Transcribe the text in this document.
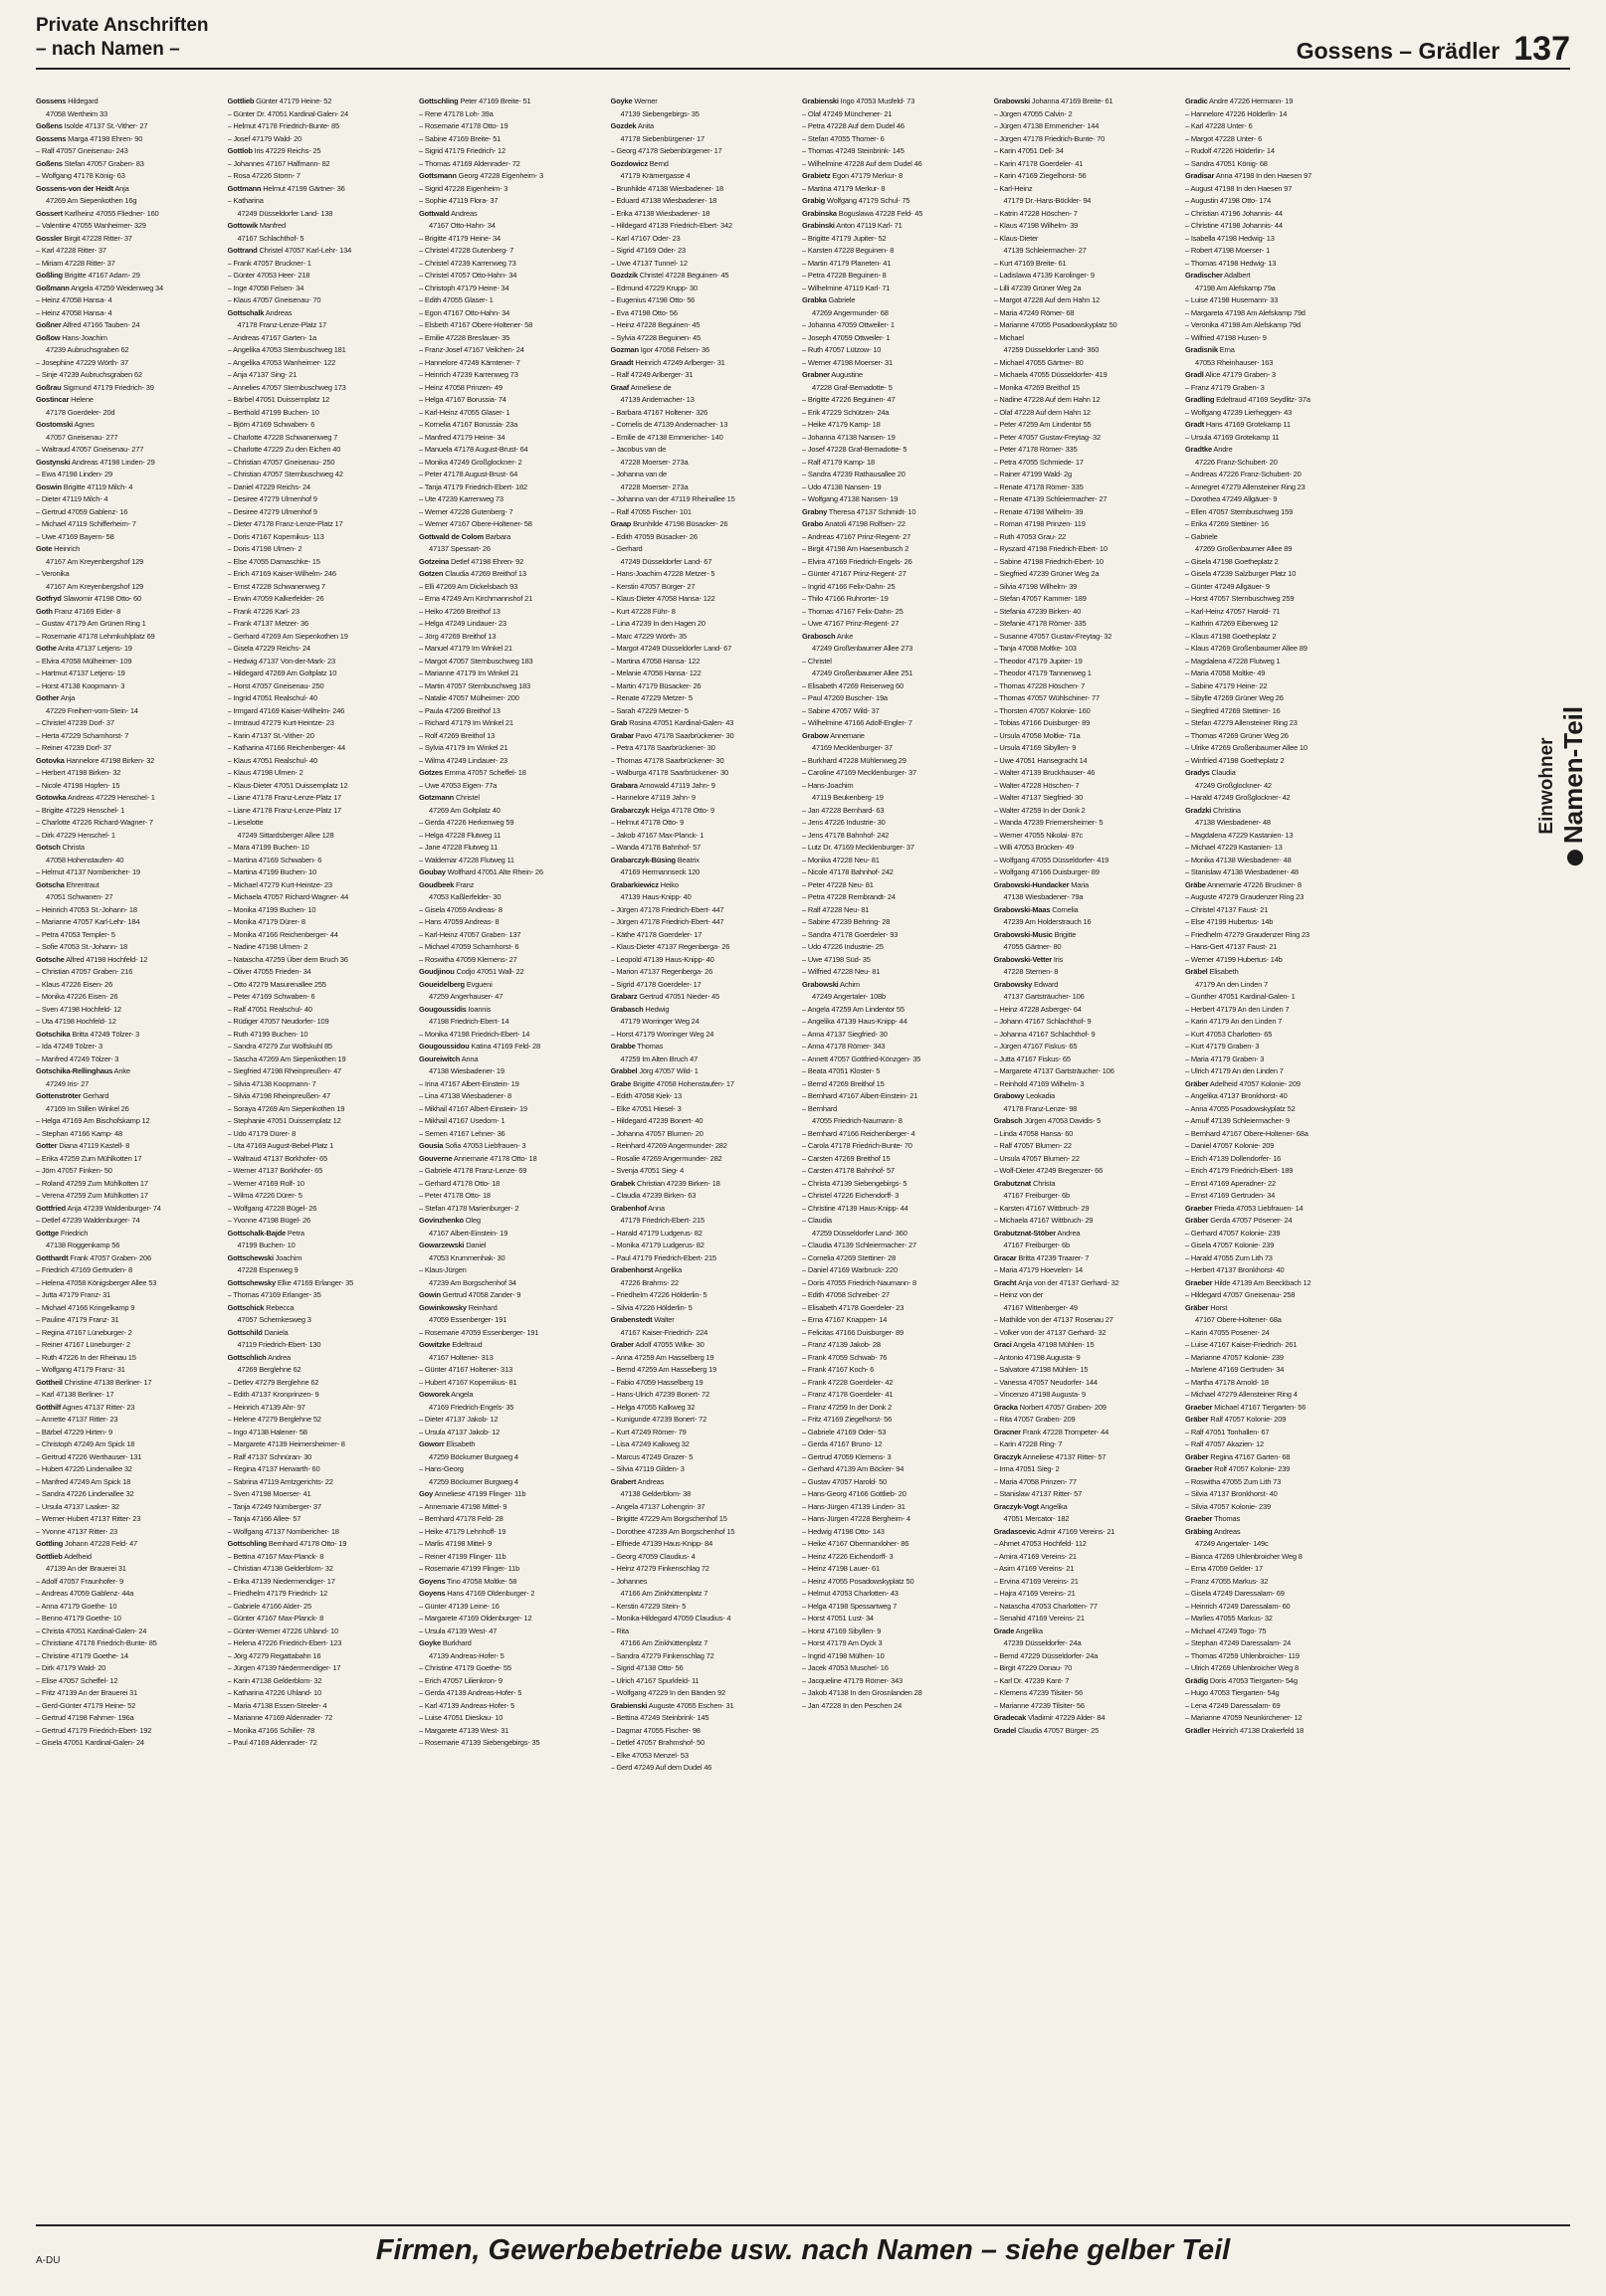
Private Anschriften
– nach Namen –	Gossens – Grädler 137
Gossens Hildegard
47058 Wertheim 33
Goßens Isolde 47137 St.-Vither- 27
Gossens Marga 47198 Ehren- 90
– Ralf 47057 Gneisenau- 243
Goßens Stefan 47057 Graben- 83
– Wolfgang 47178 König- 63
Gossens-von der Heidt Anja
47269 Am Siepenkothen 16g
Gossert Karlheinz 47055 Fliedner- 160
– Valentine 47055 Wanheimer- 329
Gossler Birgit 47228 Ritter- 37
– Karl 47228 Ritter- 37
– Miriam 47228 Ritter- 37
Goßling Brigitte 47167 Adam- 29
Goßmann Angela 47259 Weidenweg 34
– Heinz 47058 Hansa- 4
– Heinz 47058 Hansa- 4
Goßner Alfred 47166 Tauben- 24
Goßow Hans-Joachim
47239 Aubruchsgraben 62
– Josephine 47229 Wörth- 37
– Sinje 47239 Aubruchsgraben 62
Goßrau Sigmund 47179 Friedrich- 39
Gostincar Helene
47178 Goerdeler- 20d
Gostomski Agnes
47057 Gneisenau- 277
– Waltraud 47057 Gneisenau- 277
Gostynski Andreas 47198 Linden- 29
– Ewa 47198 Linden- 29
Goswin Brigitte 47119 Milch- 4
– Dieter 47119 Milch- 4
– Gertrud 47059 Gablenz- 16
– Michael 47119 Schifferheim- 7
– Uwe 47169 Bayern- 58
Gote Heinrich
47167 Am Kreyenbergshof 129
– Veronika
47167 Am Kreyenbergshof 129
Gotfryd Slawomir 47198 Otto- 60
Goth Franz 47169 Eider- 8
– Gustav 47179 Am Grünen Ring 1
– Rosemarie 47178 Lehmkuhlplatz 69
Gothe Anita 47137 Letjens- 19
– Elvira 47058 Mülheimer- 109
– Hartmut 47137 Letjens- 19
– Horst 47138 Koopmann- 3
Gother Anja
47229 Freiherr-vom-Stein- 14
– Christel 47239 Dorf- 37
– Herta 47229 Scharnhorst- 7
– Reiner 47239 Dorf- 37
Gotovka Hannelore 47198 Birken- 32
– Herbert 47198 Birken- 32
– Nicole 47198 Hopfen- 15
Gotowka Andreas 47229 Henschel- 1
– Brigitte 47229 Henschel- 1
– Charlotte 47226 Richard-Wagner- 7
– Dirk 47229 Henschel- 1
Gotsch Christa
47058 Hohenstaufen- 40
– Helmut 47137 Nombericher- 19
Gotscha Ehrentraut
47051 Schwanen- 27
– Heinrich 47053 St.-Johann- 18
– Marianne 47057 Karl-Lehr- 184
– Petra 47053 Templer- 5
– Sofie 47053 St.-Johann- 18
Gotsche Alfred 47198 Hochfeld- 12
– Christian 47057 Graben- 216
– Klaus 47226 Eisen- 26
– Monika 47226 Eisen- 26
– Sven 47198 Hochfeld- 12
– Uta 47198 Hochfeld- 12
Gotschika Britta 47249 Tölzer- 3
– Ida 47249 Tölzer- 3
– Manfred 47249 Tölzer- 3
Gotschika-Rellinghaus Anke
47249 Iris- 27
Gottenströter Gerhard
47169 Im Stillen Winkel 26
– Helga 47169 Am Bischofskamp 12
– Stephan 47166 Kamp- 48
Gotter Diana 47119 Kastell- 8
– Erika 47259 Zum Mühlkotten 17
– Jörn 47057 Finken- 50
– Roland 47259 Zum Mühlkotten 17
– Verena 47259 Zum Mühlkotten 17
Gottfried Anja 47239 Waldenburger- 74
– Detlef 47239 Waldenburger- 74
Gottge Friedrich
47138 Roggenkamp 56
Gotthardt Frank 47057 Graben- 206
– Friedrich 47169 Gertruden- 8
– Helena 47058 Königsberger Allee 53
– Jutta 47179 Franz- 31
– Michael 47166 Kringelkamp 9
– Pauline 47179 Franz- 31
– Regina 47167 Lüneburger- 2
– Reiner 47167 Lüneburger- 2
– Ruth 47226 In der Rheinau 15
– Wolfgang 47179 Franz- 31
Gottheil Christine 47138 Berliner- 17
– Karl 47138 Berliner- 17
Gotthilf Agnes 47137 Ritter- 23
– Annette 47137 Ritter- 23
– Bärbel 47229 Hirten- 9
– Christoph 47249 Am Spick 18
– Gertrud 47226 Werthauser- 131
– Hubert 47226 Lindenallee 32
– Manfred 47249 Am Spick 18
– Sandra 47226 Lindenallee 32
– Ursula 47137 Laaker- 32
– Werner-Hubert 47137 Ritter- 23
– Yvonne 47137 Ritter- 23
Gottling Johann 47228 Feld- 47
Gottlieb Adelheid
47139 An der Brauerei 31
– Adolf 47057 Fraunhofer- 9
– Andreas 47059 Gablenz- 44a
– Anna 47179 Goethe- 10
– Benno 47179 Goethe- 10
– Christa 47051 Kardinal-Galen- 24
– Christiane 47178 Friedrich-Bunte- 85
– Christine 47179 Goethe- 14
– Dirk 47179 Wald- 20
– Elise 47057 Scheffel- 12
– Fritz 47139 An der Brauerei 31
– Gerd-Günter 47179 Heine- 52
– Gertrud 47198 Fahrner- 196a
– Gertrud 47179 Friedrich-Ebert- 192
– Gisela 47051 Kardinal-Galen- 24
Gottlieb Günter 47179 Heine- 52
– Günter Dr. 47051 Kardinal-Galen- 24
– Helmut 47178 Friedrich-Bunte- 85
– Josef 47179 Wald- 20
Gottlob Iris 47229 Reichs- 25
– Johannes 47167 Halfmann- 82
– Rosa 47226 Storm- 7
Gottmann Helmut 47199 Gärtner- 36
– Katharina
47249 Düsseldorfer Land- 138
Gottowik Manfred
47167 Schlachthof- 5
Gottrand Christel 47057 Karl-Lehr- 134
– Frank 47057 Bruckner- 1
– Günter 47053 Heer- 218
– Inge 47058 Felsen- 34
– Klaus 47057 Gneisenau- 70
Gottschalk Andreas
47178 Franz-Lenze-Platz 17
– Andreas 47167 Garten- 1a
– Angelika 47053 Sternbuschweg 181
– Angelika 47053 Wanheimer- 122
– Anja 47137 Sing- 21
– Annelies 47057 Sternbuschweg 173
– Bärbel 47051 Duissernplatz 12
– Berthold 47199 Buchen- 10
– Björn 47169 Schwaben- 6
– Charlotte 47228 Schwanenweg 7
– Charlotte 47229 Zu den Eichen 40
– Christian 47057 Gneisenau- 250
– Christian 47057 Sternbuschweg 42
– Daniel 47229 Reichs- 24
– Desiree 47279 Ulmenhof 9
– Desiree 47279 Ulmenhof 9
– Dieter 47178 Franz-Lenze-Platz 17
– Doris 47167 Kopernikus- 113
– Doris 47198 Ulmen- 2
– Else 47055 Damaschke- 15
– Erich 47169 Kaiser-Wilhelm- 246
– Ernst 47228 Schwanenweg 7
– Erwin 47059 Kalkerfelder- 26
– Frank 47226 Karl- 23
– Frank 47137 Metzer- 36
– Gerhard 47269 Am Siepenkothen 19
– Gisela 47229 Reichs- 24
– Hedwig 47137 Von-der-Mark- 23
– Hildegard 47269 Am Goltplatz 10
– Horst 47057 Gneisenau- 250
– Ingrid 47051 Realschul- 40
– Irmgard 47169 Kaiser-Wilhelm- 246
– Irmtraud 47279 Kurt-Heintze- 23
– Karin 47137 St.-Vither- 20
– Katharina 47166 Reichenberger- 44
– Klaus 47051 Realschul- 40
– Klaus 47198 Ulmen- 2
– Klaus-Dieter 47051 Duissernplatz 12
– Liane 47178 Franz-Lenze-Platz 17
– Liane 47178 Franz-Lenze-Platz 17
– Lieselotte
47249 Sittardsberger Allee 128
– Mara 47199 Buchen- 10
– Martina 47169 Schwaben- 6
– Martina 47199 Buchen- 10
– Michael 47279 Kurt-Heintze- 23
– Michaela 47057 Richard-Wagner- 44
– Monika 47199 Buchen- 10
– Monika 47179 Dürer- 8
– Monika 47166 Reichenberger- 44
– Nadine 47198 Ulmen- 2
– Natascha 47259 Über dem Bruch 36
– Oliver 47055 Frieden- 34
– Otto 47279 Masurenallee 255
– Peter 47169 Schwaben- 6
– Ralf 47051 Realschul- 40
– Rüdiger 47057 Neudorfer- 109
– Ruth 47199 Buchen- 10
– Sandra 47279 Zur Wolfskuhl 85
– Sascha 47269 Am Siepenkothen 19
– Siegfried 47198 Rheinpreußen- 47
– Silvia 47138 Koopmann- 7
– Silvia 47198 Rheinpreußen- 47
– Soraya 47269 Am Siepenkothen 19
– Stephanie 47051 Duissernplatz 12
– Udo 47179 Dürer- 8
– Uta 47169 August-Bebel-Platz 1
– Waltraud 47137 Borkhofer- 65
– Werner 47137 Borkhofer- 65
– Werner 47169 Rolf- 10
– Wilma 47226 Dürer- 5
– Wolfgang 47228 Bügel- 26
– Yvonne 47198 Bügel- 26
Gottschalk-Bajde Petra
47199 Buchen- 10
Gottschewski Joachim
47228 Espenweg 9
Gottschewsky Elke 47169 Erlanger- 35
– Thomas 47169 Erlanger- 35
Gottschick Rebecca
47057 Schemkesweg 3
Gottschild Daniela
47119 Friedrich-Ebert- 130
Gottschlich Andrea
47269 Berglehne 62
– Detlev 47279 Berglehne 62
– Edith 47137 Kronprinzen- 9
– Heinrich 47139 Ahr- 97
– Helene 47279 Berglehne 52
– Ingo 47138 Halener- 58
– Margarete 47139 Heimersheimer- 8
– Ralf 47137 Schnüran- 30
– Regina 47137 Herwarth- 60
– Sabrina 47119 Arntzgerichts- 22
– Sven 47198 Moerser- 41
– Tanja 47249 Nürnberger- 37
– Tanja 47166 Allee- 57
– Wolfgang 47137 Nombericher- 18
Gottschling Bernhard 47178 Otto- 19
– Bettina 47167 Max-Planck- 8
– Christian 47138 Gelderblom- 32
– Erika 47139 Niedermendiger- 17
– Friedhelm 47179 Friedrich- 12
– Gabriele 47166 Alder- 25
– Günter 47167 Max-Planck- 8
– Günter-Werner 47226 Uhland- 10
– Helena 47226 Friedrich-Ebert- 123
– Jörg 47279 Regattabahn 16
– Jürgen 47139 Niedermendiger- 17
– Karin 47138 Gelderblom- 32
– Katharina 47226 Uhland- 10
– Maria 47138 Essen-Steeler- 4
– Marianne 47169 Aldenrader- 72
– Monika 47166 Schiller- 78
– Paul 47169 Aldenrader- 72
Gottschling Peter 47169 Breite- 51
– Rene 47178 Loh- 39a
– Rosemarie 47178 Otto- 19
– Sabine 47169 Breite- 51
– Sigrid 47179 Friedrich- 12
– Thomas 47169 Aldenrader- 72
Gottsmann Georg 47228 Eigenheim- 3
– Sigrid 47228 Eigenheim- 3
– Sophie 47119 Flora- 37
Gottwald Andreas
47167 Otto-Hahn- 34
– Brigitte 47179 Heine- 34
– Christel 47228 Gutenberg- 7
– Christel 47239 Karrenweg 73
– Christel 47057 Otto-Hahn- 34
– Christoph 47179 Heine- 34
– Edith 47055 Glaser- 1
– Egon 47167 Otto-Hahn- 34
– Elsbeth 47167 Obere-Holtener- 58
– Emilie 47228 Breslauer- 35
– Franz-Josef 47167 Veilchen- 24
– Hannelore 47249 Kärntener- 7
– Heinrich 47239 Karrenweg 73
– Heinz 47058 Prinzen- 49
– Helga 47167 Borussia- 74
– Karl-Heinz 47055 Glaser- 1
– Kornelia 47167 Borussia- 23a
– Manfred 47179 Heine- 34
– Manuela 47178 August-Brust- 64
– Monika 47249 Großglockner- 2
– Peter 47178 August-Brust- 64
– Tanja 47179 Friedrich-Ebert- 182
– Ute 47239 Karrenweg 73
– Werner 47228 Gutenberg- 7
– Werner 47167 Obere-Holtener- 58
Gottwald de Colom Barbara
47137 Spessart- 26
Gotzeina Detlef 47198 Ehren- 92
Gotzen Claudia 47269 Breithof 13
– Elli 47269 Am Dickelsbach 93
– Erna 47249 Am Kirchmannshof 21
– Heiko 47269 Breithof 13
– Helga 47249 Lindauer- 23
– Jörg 47269 Breithof 13
– Manuel 47179 Im Winkel 21
– Margot 47057 Sternbuschweg 183
– Marianne 47179 Im Winkel 21
– Martin 47057 Sternbuschweg 183
– Natalie 47057 Mülheimer- 200
– Paula 47269 Breithof 13
– Richard 47179 Im Winkel 21
– Rolf 47269 Breithof 13
– Sylvia 47179 Im Winkel 21
– Wilma 47249 Lindauer- 23
Gotzes Emma 47057 Scheffel- 18
– Uwe 47053 Eigen- 77a
Gotzmann Christel
47269 Am Goltplatz 40
– Gerda 47226 Herkenweg 59
– Helga 47228 Flutweg 11
– Jane 47228 Flutweg 11
– Waldemar 47228 Flutweg 11
Goubay Wolfhard 47051 Alte Rhein- 26
Goudbeek Franz
47053 Kaßlerfelder- 30
– Gisela 47059 Andreas- 8
– Hans 47059 Andreas- 8
– Karl-Heinz 47057 Graben- 137
– Michael 47059 Scharnhorst- 6
– Roswitha 47059 Klemens- 27
Goudjinou Codjo 47051 Wall- 22
Goueidelberg Evgueni
47259 Angerhauser- 47
Gougoussidis Ioannis
47198 Friedrich-Ebert- 14
– Monika 47198 Friedrich-Ebert- 14
Gougoussidou Katina 47169 Feld- 28
Goureiwitch Anna
47138 Wiesbadener- 19
– Irina 47167 Albert-Einstein- 19
– Lina 47138 Wiesbadener- 8
– Mikhail 47167 Albert-Einstein- 19
– Mikhail 47167 Usedom- 1
– Semen 47167 Lehner- 36
Gousia Sofia 47053 Liebfrauen- 3
Gouverne Annemarie 47178 Otto- 18
– Gabriele 47178 Franz-Lenze- 69
– Gerhard 47178 Otto- 18
– Peter 47178 Otto- 18
– Stefan 47178 Marienburger- 2
Govinzhenko Oleg
47167 Albert-Einstein- 19
Gowarzewski Daniel
47053 Krummenhak- 30
– Klaus-Jürgen
47239 Am Borgschenhof 34
Gowin Gertrud 47058 Zander- 9
Gowinkowsky Reinhard
47059 Essenberger- 191
– Rosemarie 47059 Essenberger- 191
Gowitzke Edeltraud
47167 Holtener- 313
– Günter 47167 Holtener- 313
– Hubert 47167 Kopernikus- 81
Goworek Angela
47169 Friedrich-Engels- 35
– Dieter 47137 Jakob- 12
– Ursula 47137 Jakob- 12
Goworr Elisabeth
47259 Böckumer Burgweg 4
– Hans-Georg
47259 Böckumer Burgweg 4
Goy Anneliese 47199 Flinger- 11b
– Annemarie 47198 Mittel- 9
– Bernhard 47178 Feld- 28
– Heike 47179 Lehnhoff- 19
– Marlis 47198 Mittel- 9
– Reiner 47199 Flinger- 11b
– Rosemarie 47199 Flinger- 11b
Goyens Tino 47058 Moltke- 58
Goyens Hans 47169 Oldenburger- 2
– Günter 47139 Leine- 16
– Margarete 47169 Oldenburger- 12
– Ursula 47139 West- 47
Goyke Burkhard
47139 Andreas-Hofer- 5
– Christine 47179 Goethe- 55
– Erich 47057 Lilienkron- 9
– Gerda 47139 Andreas-Hofer- 5
– Karl 47139 Andreas-Hofer- 5
– Luise 47051 Dieskau- 10
– Margarete 47139 West- 31
– Rosemarie 47139 Siebengebirgs- 35
Goyke Werner
47139 Siebengebirgs- 35
Gozdek Anita
47178 Siebenbürgener- 17
– Georg 47178 Siebenbürgener- 17
Gozdowicz Bernd
47179 Krämergasse 4
– Brunhilde 47138 Wiesbadener- 18
– Eduard 47138 Wiesbadener- 18
– Erika 47138 Wiesbadener- 18
– Hildegard 47139 Friedrich-Ebert- 342
– Karl 47167 Oder- 23
– Sigrid 47169 Oder- 23
– Uwe 47137 Tunnel- 12
Gozdzik Christel 47228 Beguinen- 45
– Edmund 47229 Krupp- 30
– Eugenius 47198 Otto- 56
– Eva 47198 Otto- 56
– Heinz 47228 Beguinen- 45
– Sylvia 47228 Beguinen- 45
Gozman Igor 47058 Felsen- 36
Graadt Heinrich 47249 Arlberger- 31
– Ralf 47249 Arlberger- 31
Graaf Anneliese de
47139 Andernacher- 13
– Barbara 47167 Holtener- 326
– Cornelis de 47139 Andernacher- 13
– Emilie de 47138 Emmericher- 140
– Jacobus van de
47228 Moerser- 273a
– Johanna van de
47228 Moerser- 273a
– Johanna van der 47119 Rheinallee 15
– Ralf 47055 Fischer- 101
Graap Brunhilde 47198 Büsacker- 26
– Edith 47059 Büsacker- 26
– Gerhard
47249 Düsseldorfer Land- 67
– Hans-Joachim 47228 Metzer- 5
– Kerstin 47057 Bürger- 27
– Klaus-Dieter 47058 Hansa- 122
– Kurt 47228 Führ- 8
– Lina 47239 In den Hagen 20
– Marc 47229 Wörth- 35
– Margot 47249 Düsseldorfer Land- 67
– Martina 47058 Hansa- 122
– Melanie 47058 Hansa- 122
– Martin 47179 Büsacker- 26
– Renate 47229 Metzer- 5
– Sarah 47229 Metzer- 5
Grab Rosina 47051 Kardinal-Galen- 43
Grabar Pavo 47178 Saarbrückener- 30
– Petra 47178 Saarbrückener- 30
– Thomas 47178 Saarbrückener- 30
– Walburga 47178 Saarbrückener- 30
Grabara Arnowald 47119 Jahn- 9
– Hannelore 47119 Jahn- 9
Grabarczyk Helga 47178 Otto- 9
– Helmut 47178 Otto- 9
– Jakob 47167 Max-Planck- 1
– Wanda 47178 Bahnhof- 57
Grabarczyk-Büsing Beatrix
47169 Hermannseck 120
Grabarkiewicz Heiko
47139 Haus-Knipp- 40
– Jürgen 47178 Friedrich-Ebert- 447
– Jürgen 47178 Friedrich-Ebert- 447
– Käthe 47178 Goerdeler- 17
– Klaus-Dieter 47137 Regenberga- 26
– Leopold 47139 Haus-Knipp- 40
– Marion 47137 Regenberga- 26
– Sigrid 47178 Goerdeler- 17
Grabarz Gertrud 47051 Nieder- 45
Grabasch Hedwig
47179 Worringer Weg 24
– Horst 47179 Worringer Weg 24
Grabbe Thomas
47259 Im Alten Bruch 47
Grabbel Jörg 47057 Wild- 1
Grabe Brigitte 47058 Hohenstaufen- 17
– Edith 47058 Kiek- 13
– Elke 47051 Hiesel- 3
– Hildegard 47239 Bonert- 40
– Johanna 47057 Blumen- 20
– Reinhard 47269 Angermunder- 282
– Rosalie 47269 Angermunder- 282
– Svenja 47051 Sieg- 4
Grabek Christian 47239 Birken- 18
– Claudia 47239 Birken- 63
Grabenhof Anna
47179 Friedrich-Ebert- 215
– Harald 47179 Ludgerus- 82
– Monika 47179 Ludgerus- 82
– Paul 47179 Friedrich-Ebert- 215
Grabenhorst Angelika
47226 Brahms- 22
– Friedhelm 47226 Hölderlin- 5
– Silvia 47226 Hölderlin- 5
Grabenstedt Walter
47167 Kaiser-Friedrich- 224
Graber Adolf 47055 Wilke- 30
– Anna 47259 Am Hasselberg 19
– Bernd 47259 Am Hasselberg 19
– Fabio 47059 Hasselberg 19
– Hans-Ulrich 47239 Bonert- 72
– Helga 47055 Kalkweg 32
– Kunigunde 47239 Bonert- 72
– Kurt 47249 Römer- 79
– Lisa 47249 Kalkweg 32
– Marcus 47249 Grazer- 5
– Silvia 47119 Gilden- 3
Grabert Andreas
47138 Gelderblom- 38
– Angela 47137 Lohengrin- 37
– Brigitte 47229 Am Borgschenhof 15
– Dorothee 47239 Am Borgschenhof 15
– Elfriede 47139 Haus-Knipp- 84
– Georg 47059 Claudius- 4
– Heinz 47279 Finkenschlag 72
– Johannes
47166 Am Zinkhüttenplatz 7
– Kerstin 47229 Stein- 5
– Monika-Hildegard 47059 Claudius- 4
– Rita
47166 Am Zinkhüttenplatz 7
– Sandra 47279 Finkenschlag 72
– Sigrid 47138 Otto- 56
– Ulrich 47167 Spurkfeld- 11
– Wolfgang 47229 In den Bänden 92
Grabienski Auguste 47055 Eschen- 31
– Bettina 47249 Steinbrink- 145
– Dagmar 47055 Fischer- 98
– Detlef 47057 Brahmshof- 50
– Elke 47053 Menzel- 53
– Gerd 47249 Auf dem Dudel 46
Grabienski Ingo 47053 Musfeld- 73
– Olaf 47249 Münchener- 21
– Petra 47228 Auf dem Dudel 46
– Stefan 47055 Thomer- 6
– Thomas 47249 Steinbrink- 145
– Wilhelmine 47228 Auf dem Dudel 46
Grabietz Egon 47179 Merkur- 8
– Martina 47179 Merkur- 8
Grabig Wolfgang 47179 Schul- 75
Grabinska Boguslawa 47228 Feld- 45
Grabinski Anton 47119 Karl- 71
– Brigitte 47179 Jupiter- 52
– Karsten 47228 Beguinen- 8
– Martin 47179 Planeten- 41
– Petra 47228 Beguinen- 8
– Wilhelmine 47119 Karl- 71
Grabka Gabriele
47269 Angermunder- 68
– Johanna 47059 Ottweiler- 1
– Joseph 47059 Ottweiler- 1
– Ruth 47057 Lützow- 10
– Werner 47198 Moerser- 31
Grabner Augustine
47228 Graf-Bernadotte- 5
– Brigitte 47226 Beguinen- 47
– Erik 47229 Schützen- 24a
– Heike 47179 Kamp- 18
– Johanna 47138 Nansen- 19
– Josef 47228 Graf-Bernadotte- 5
– Ralf 47179 Kamp- 18
– Sandra 47239 Rathausallee 20
– Udo 47138 Nansen- 19
– Wolfgang 47138 Nansen- 19
Grabny Theresa 47137 Schmidt- 10
Grabo Anatoli 47198 Rolfsen- 22
– Andreas 47167 Prinz-Regent- 27
– Birgit 47198 Am Haesenbusch 2
– Elvira 47169 Friedrich-Engels- 26
– Günter 47167 Prinz-Regent- 27
– Ingrid 47166 Felix-Dahn- 25
– Thilo 47166 Ruhrorter- 19
– Thomas 47167 Felix-Dahn- 25
– Uwe 47167 Prinz-Regent- 27
Grabosch Anke
47249 Großenbaumer Allee 273
– Christel
47249 Großenbaumer Allee 251
– Elisabeth 47269 Reiserweg 60
– Paul 47269 Buscher- 19a
– Sabine 47057 Wild- 37
– Wilhelmine 47166 Adolf-Engler- 7
Grabow Annemarie
47169 Mecklenburger- 37
– Burkhard 47228 Mühlenweg 29
– Caroline 47169 Mecklenburger- 37
– Hans-Joachim
47119 Beukenberg- 19
– Jan 47228 Bernhard- 63
– Jens 47226 Industrie- 30
– Jens 47178 Bahnhof- 242
– Lutz Dr. 47169 Mecklenburger- 37
– Monika 47228 Neu- 81
– Nicole 47178 Bahnhof- 242
– Peter 47228 Neu- 81
– Petra 47228 Rembrandt- 24
– Ralf 47228 Neu- 81
– Sabine 47239 Behring- 28
– Sandra 47178 Goerdeler- 93
– Udo 47226 Industrie- 25
– Uwe 47198 Süd- 35
– Wilfried 47228 Neu- 81
Grabowski Achim
47249 Angertaler- 108b
– Angela 47259 Am Lindentor 55
– Angelika 47139 Haus-Knipp- 44
– Anna 47137 Siegfried- 30
– Anna 47178 Römer- 343
– Annett 47057 Gottfried-Könzgen- 35
– Beata 47051 Kloster- 5
– Bernd 47269 Breithof 15
– Bernhard 47167 Albert-Einstein- 21
– Bernhard
47055 Friedrich-Naumann- 8
– Bernhard 47166 Reichenberger- 4
– Carola 47178 Friedrich-Bunte- 70
– Carsten 47269 Breithof 15
– Carsten 47178 Bahnhof- 57
– Christa 47139 Siebengebirgs- 5
– Christel 47226 Eichendorff- 3
– Christine 47139 Haus-Knipp- 44
– Claudia
47259 Düsseldorfer Land- 360
– Claudia 47139 Schleiermacher- 27
– Cornelia 47269 Stettiner- 28
– Daniel 47169 Warbruck- 220
– Doris 47055 Friedrich-Naumann- 8
– Edith 47058 Schreiber- 27
– Elisabeth 47178 Goerdeler- 23
– Erna 47167 Knappen- 14
– Felicitas 47166 Duisburger- 89
– Franz 47139 Jakob- 28
– Frank 47059 Schwab- 76
– Frank 47167 Koch- 6
– Frank 47228 Goerdeler- 42
– Franz 47178 Goerdeler- 41
– Franz 47259 In der Donk 2
– Fritz 47169 Ziegelhorst- 56
– Gabriele 47169 Oder- 53
– Gerda 47167 Bruno- 12
– Gertrud 47059 Klemens- 3
– Gerhard 47139 Am Böcker- 94
– Gustav 47057 Harold- 50
– Hans-Georg 47166 Gottlieb- 20
– Hans-Jürgen 47139 Linden- 31
– Hans-Jürgen 47228 Bergheim- 4
– Hedwig 47198 Otto- 143
– Heike 47167 Obermarxloher- 86
– Heinz 47226 Eichendorff- 3
– Heinz 47198 Lauer- 61
– Heinz 47055 Posadowskyplatz 50
– Helmut 47053 Charlotten- 43
– Helga 47198 Spessartweg 7
– Horst 47051 Lust- 34
– Horst 47169 Sibyllen- 9
– Horst 47179 Am Dyck 3
– Ingrid 47198 Mülhen- 10
– Jacek 47053 Muschel- 16
– Jacqueline 47179 Römer- 343
– Jakob 47138 In den Grosnlanden 28
– Jan 47228 In den Peschen 24
Grabowski Johanna 47169 Breite- 61
– Jürgen 47055 Calvin- 2
– Jürgen 47138 Emmericher- 144
– Jürgen 47178 Friedrich-Bunte- 70
– Karin 47051 Dell- 34
– Karin 47178 Goerdeler- 41
– Karin 47169 Ziegelhorst- 56
– Karl-Heinz
47179 Dr.-Hans-Böckler- 94
– Katrin 47228 Höschen- 7
– Klaus 47198 Wilhelm- 39
– Klaus-Dieter
47139 Schleiermacher- 27
– Kurt 47169 Breite- 61
– Ladislawa 47139 Karolinger- 9
– Lilli 47239 Grüner Weg 2a
– Margot 47228 Auf dem Hahn 12
– Maria 47249 Römer- 68
– Marianne 47055 Posadowskyplatz 50
– Michael
47259 Düsseldorfer Land- 360
– Michael 47055 Gärtner- 80
– Michaela 47055 Düsseldorfer- 419
– Monika 47269 Breithof 15
– Nadine 47228 Auf dem Hahn 12
– Olaf 47228 Auf dem Hahn 12
– Peter 47259 Am Lindentor 55
– Peter 47057 Gustav-Freytag- 32
– Peter 47178 Römer- 335
– Petra 47055 Schmiede- 17
– Rainer 47199 Wald- 2g
– Renate 47178 Römer- 335
– Renate 47139 Schleiermacher- 27
– Renate 47198 Wilhelm- 39
– Roman 47198 Prinzen- 119
– Ruth 47053 Grau- 22
– Ryszard 47198 Friedrich-Ebert- 10
– Sabine 47198 Friedrich-Ebert- 10
– Siegfried 47239 Grüner Weg 2a
– Silvia 47198 Wilhelm- 39
– Stefan 47057 Kammer- 189
– Stefania 47239 Birken- 40
– Stefanie 47178 Römer- 335
– Susanne 47057 Gustav-Freytag- 32
– Tanja 47058 Moltke- 103
– Theodor 47179 Jupiter- 19
– Theodor 47179 Tannenweg 1
– Thomas 47228 Höschen- 7
– Thomas 47057 Wühlschiner- 77
– Thorsten 47057 Kolonie- 160
– Tobias 47166 Duisburger- 89
– Ursula 47058 Moltke- 71a
– Ursula 47169 Sibyllen- 9
– Uwe 47051 Hansegracht 14
– Walter 47139 Bruckhauser- 46
– Walter 47228 Höschen- 7
– Walter 47137 Siegfried- 30
– Walter 47259 In der Donk 2
– Wanda 47239 Friemersheimer- 5
– Werner 47055 Nikolai- 87c
– Willi 47053 Brücken- 49
– Wolfgang 47055 Düsseldorfer- 419
– Wolfgang 47166 Duisburger- 89
Grabowski-Hundacker Maria
47138 Wiesbadener- 79a
Grabowski-Maas Cornelia
47239 Am Holderstrauch 16
Grabowski-Music Brigitte
47055 Gärtner- 80
Grabowski-Vetter Iris
47228 Sternen- 8
Grabowsky Edward
47137 Gartsträucher- 106
– Heinz 47228 Asberger- 64
– Johann 47167 Schlachthof- 9
– Johanna 47167 Schlachthof- 9
– Jürgen 47167 Fiskus- 65
– Jutta 47167 Fiskus- 65
– Margarete 47137 Gartsträucher- 106
– Reinhold 47169 Wilhelm- 3
Grabowy Leokadia
47178 Franz-Lenze- 98
Grabsch Jürgen 47053 Davidis- 5
– Linda 47058 Hansa- 60
– Ralf 47057 Blumen- 22
– Ursula 47057 Blumen- 22
– Wolf-Dieter 47249 Bregenzer- 66
Grabutznat Christa
47167 Freiburger- 6b
– Karsten 47167 Wittbruch- 29
– Michaela 47167 Wittbruch- 29
Grabutznat-Stöber Andrea
47167 Freiburger- 6b
Gracar Britta 47239 Traarer- 7
– Maria 47179 Hoevelen- 14
Gracht Anja von der 47137 Gerhard- 32
– Heinz von der
47167 Wittenberger- 49
– Mathilde von der 47137 Rosenau 27
– Volker von der 47137 Gerhard- 32
Graci Angela 47198 Mühlen- 15
– Antonio 47198 Augusta- 9
– Salvatore 47198 Mühlen- 15
– Vanessa 47057 Neudorfer- 144
– Vincenzo 47198 Augusta- 9
Gracka Norbert 47057 Graben- 209
– Rita 47057 Graben- 209
Gracner Frank 47228 Trompeter- 44
– Karin 47228 Ring- 7
Graczyk Anneliese 47137 Ritter- 57
– Irma 47051 Sieg- 2
– Maria 47058 Prinzen- 77
– Stanislaw 47137 Ritter- 57
Graczyk-Vogt Angelika
47051 Mercator- 182
Gradascevic Admir 47169 Vereins- 21
– Ahmet 47053 Hochfeld- 112
– Amira 47169 Vereins- 21
– Asim 47169 Vereins- 21
– Ervina 47169 Vereins- 21
– Hajra 47169 Vereins- 21
– Natascha 47053 Charlotten- 77
– Senahid 47169 Vereins- 21
Grade Angelika
47239 Düsseldorfer- 24a
– Bernd 47229 Düsseldorfer- 24a
– Birgit 47229 Donau- 70
– Karl Dr. 47239 Kant- 7
– Klemens 47239 Tilsiter- 56
– Marianne 47239 Tilsiter- 56
Gradecak Vladimir 47229 Alder- 84
Gradel Claudia 47057 Bürger- 25
Gradic Andre 47226 Hermann- 19
– Hannelore 47226 Hölderlin- 14
– Karl 47228 Unter- 6
– Margot 47228 Unter- 6
– Rudolf 47226 Hölderlin- 14
– Sandra 47051 König- 68
Gradisar Anna 47198 In den Haesen 97
– August 47198 In den Haesen 97
– Augustin 47198 Otto- 174
– Christian 47196 Johannis- 44
– Christine 47198 Johannis- 44
– Isabella 47198 Hedwig- 13
– Robert 47198 Moerser- 1
– Thomas 47198 Hedwig- 13
Gradischer Adalbert
47198 Am Alefskamp 79a
– Luise 47198 Husemann- 33
– Margareta 47198 Am Alefskamp 79d
– Veronika 47198 Am Alefskamp 79d
– Wilfried 47198 Husen- 9
Gradisnik Erna
47053 Rheinhauser- 163
Gradl Alice 47179 Graben- 3
– Franz 47179 Graben- 3
Gradling Edeltraud 47169 Seydlitz- 37a
– Wolfgang 47239 Lierheggen- 43
Gradt Hans 47169 Grotekamp 11
– Ursula 47169 Grotekamp 11
Gradtke Andre
47226 Franz-Schubert- 20
– Andreas 47226 Franz-Schubert- 20
– Annegret 47279 Allensteiner Ring 23
– Dorothea 47249 Allgäuer- 9
– Ellen 47057 Sternbuschweg 159
– Erika 47269 Stettiner- 16
– Gabriele
47269 Großenbaumer Allee 89
– Gisela 47198 Goetheplatz 2
– Gisela 47239 Salzburger Platz 10
– Günter 47249 Allgäuer- 9
– Horst 47057 Sternbuschweg 259
– Karl-Heinz 47057 Harold- 71
– Kathrin 47269 Eibenweg 12
– Klaus 47198 Goetheplatz 2
– Klaus 47269 Großenbaumer Allee 89
– Magdalena 47228 Flutweg 1
– Maria 47058 Moltke- 49
– Sabine 47179 Heine- 22
– Sibylle 47269 Grüner Weg 26
– Siegfried 47269 Stettiner- 16
– Stefan 47279 Allensteiner Ring 23
– Thomas 47269 Grüner Weg 26
– Ulrike 47269 Großenbaumer Allee 10
– Winfried 47198 Goetheplatz 2
Gradys Claudia
47249 Großglockner- 42
– Harald 47249 Großglockner- 42
Gradzki Christina
47138 Wiesbadener- 48
– Magdalena 47229 Kastanien- 13
– Michael 47229 Kastanien- 13
– Monika 47138 Wiesbadener- 48
– Stanislaw 47138 Wiesbadener- 48
Gräbe Annemarie 47226 Bruckner- 8
– Auguste 47279 Graudenzer Ring 23
– Christel 47137 Faust- 21
– Else 47199 Hubertus- 14b
– Friedhelm 47279 Graudenzer Ring 23
– Hans-Gert 47137 Faust- 21
– Werner 47199 Hubertus- 14b
Gräbel Elisabeth
47179 An den Linden 7
– Gunther 47051 Kardinal-Galen- 1
– Herbert 47179 An den Linden 7
– Karin 47179 An den Linden 7
– Kurt 47053 Charlotten- 65
– Kurt 47179 Graben- 3
– Maria 47179 Graben- 3
– Ulrich 47179 An den Linden 7
Gräber Adelheid 47057 Kolonie- 209
– Angelika 47137 Bronkhorst- 40
– Anna 47055 Posadowskyplatz 52
– Arnulf 47139 Schleiermacher- 9
– Bernhard 47167 Obere-Holtener- 68a
– Daniel 47057 Kolonie- 209
– Erich 47139 Dollendorfer- 16
– Erich 47179 Friedrich-Ebert- 189
– Ernst 47169 Aperadner- 22
– Ernst 47169 Gertruden- 34
Graeber Frieda 47053 Liebfrauen- 14
Gräber Gerda 47057 Pösener- 24
– Gerhard 47057 Kolonie- 239
– Gisela 47057 Kolonie- 239
– Harald 47055 Zum Lith 73
– Herbert 47137 Bronkhorst- 40
Graeber Hilde 47139 Am Beeckbach 12
– Hildegard 47057 Gneisenau- 258
Gräber Horst
47167 Obere-Holtener- 68a
– Karin 47055 Posener- 24
– Luise 47167 Kaiser-Friedrich- 261
– Marianne 47057 Kolonie- 239
– Marlene 47169 Gertruden- 34
– Martha 47178 Arnold- 18
– Michael 47279 Allensteiner Ring 4
Graeber Michael 47167 Tiergarten- 56
Gräber Ralf 47057 Kolonie- 209
– Ralf 47051 Tonhallen- 67
– Ralf 47057 Akazien- 12
Gräber Regina 47167 Garten- 68
Graeber Rolf 47057 Kolonie- 239
– Roswitha 47055 Zum Lith 73
– Silvia 47137 Bronkhorst- 40
– Silvia 47057 Kolonie- 239
Graeber Thomas
Gräbing Andreas
47249 Angertaler- 149c
– Bianca 47269 Uhlenbroicher Weg 8
– Erna 47059 Gelder- 17
– Franz 47055 Markus- 32
– Gisela 47249 Daressalam- 69
– Heinrich 47249 Daressalam- 60
– Marlies 47055 Markus- 32
– Michael 47249 Togo- 75
– Stephan 47249 Daressalam- 24
– Thomas 47259 Uhlenbroicher- 119
– Ulrich 47269 Uhlenbroicher Weg 8
Grädig Doris 47053 Tiergarten- 54g
– Hugo 47053 Tiergarten- 54g
– Lena 47249 Daressalam- 69
– Marianne 47059 Neunkirchener- 12
Grädler Heinrich 47138 Drakerfeld 18
Einwohner Namen-Teil
Firmen, Gewerbebetriebe usw. nach Namen – siehe gelber Teil
A-DU
